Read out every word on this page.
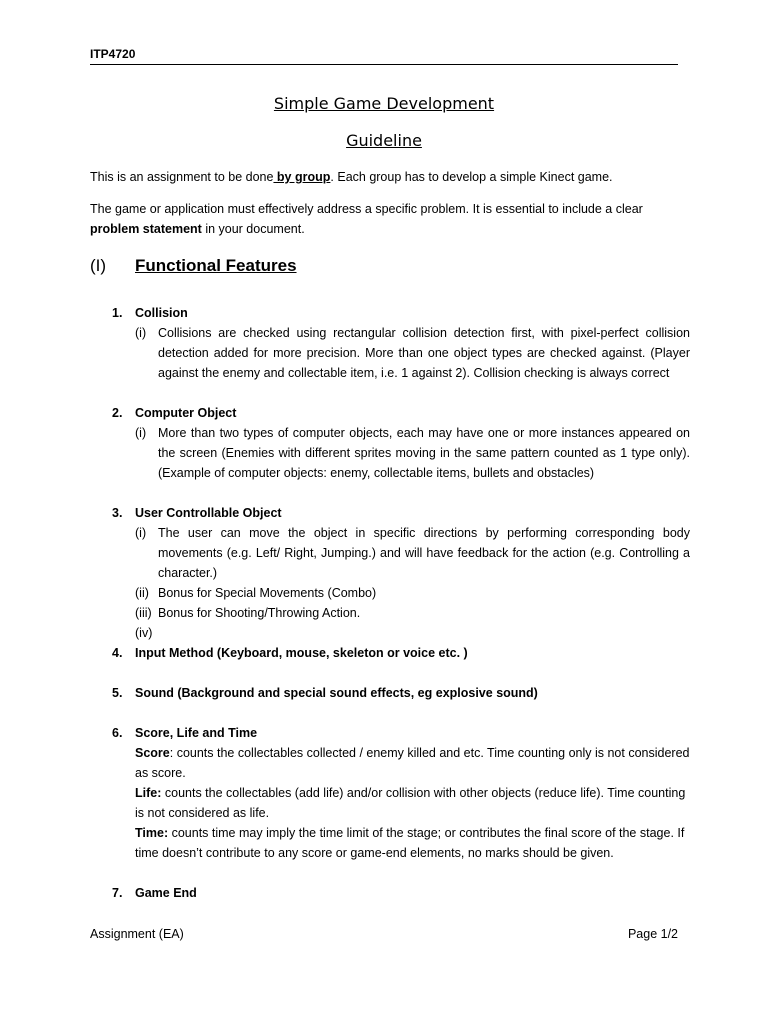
ITP4720
Simple Game Development
Guideline
This is an assignment to be done by group. Each group has to develop a simple Kinect game.
The game or application must effectively address a specific problem. It is essential to include a clear problem statement in your document.
(I) Functional Features
1. Collision
(i) Collisions are checked using rectangular collision detection first, with pixel-perfect collision detection added for more precision. More than one object types are checked against. (Player against the enemy and collectable item, i.e. 1 against 2). Collision checking is always correct
2. Computer Object
(i) More than two types of computer objects, each may have one or more instances appeared on the screen (Enemies with different sprites moving in the same pattern counted as 1 type only). (Example of computer objects: enemy, collectable items, bullets and obstacles)
3. User Controllable Object
(i) The user can move the object in specific directions by performing corresponding body movements (e.g. Left/ Right, Jumping.) and will have feedback for the action (e.g. Controlling a character.)
(ii) Bonus for Special Movements (Combo)
(iii) Bonus for Shooting/Throwing Action.
(iv)

4. Input Method (Keyboard, mouse, skeleton or voice etc. )
5. Sound (Background and special sound effects, eg explosive sound)
6. Score, Life and Time
Score: counts the collectables collected / enemy killed and etc. Time counting only is not considered as score.
Life: counts the collectables (add life) and/or collision with other objects (reduce life). Time counting is not considered as life.
Time: counts time may imply the time limit of the stage; or contributes the final score of the stage. If time doesn’t contribute to any score or game-end elements, no marks should be given.
7. Game End
Assignment (EA)	Page 1/2
